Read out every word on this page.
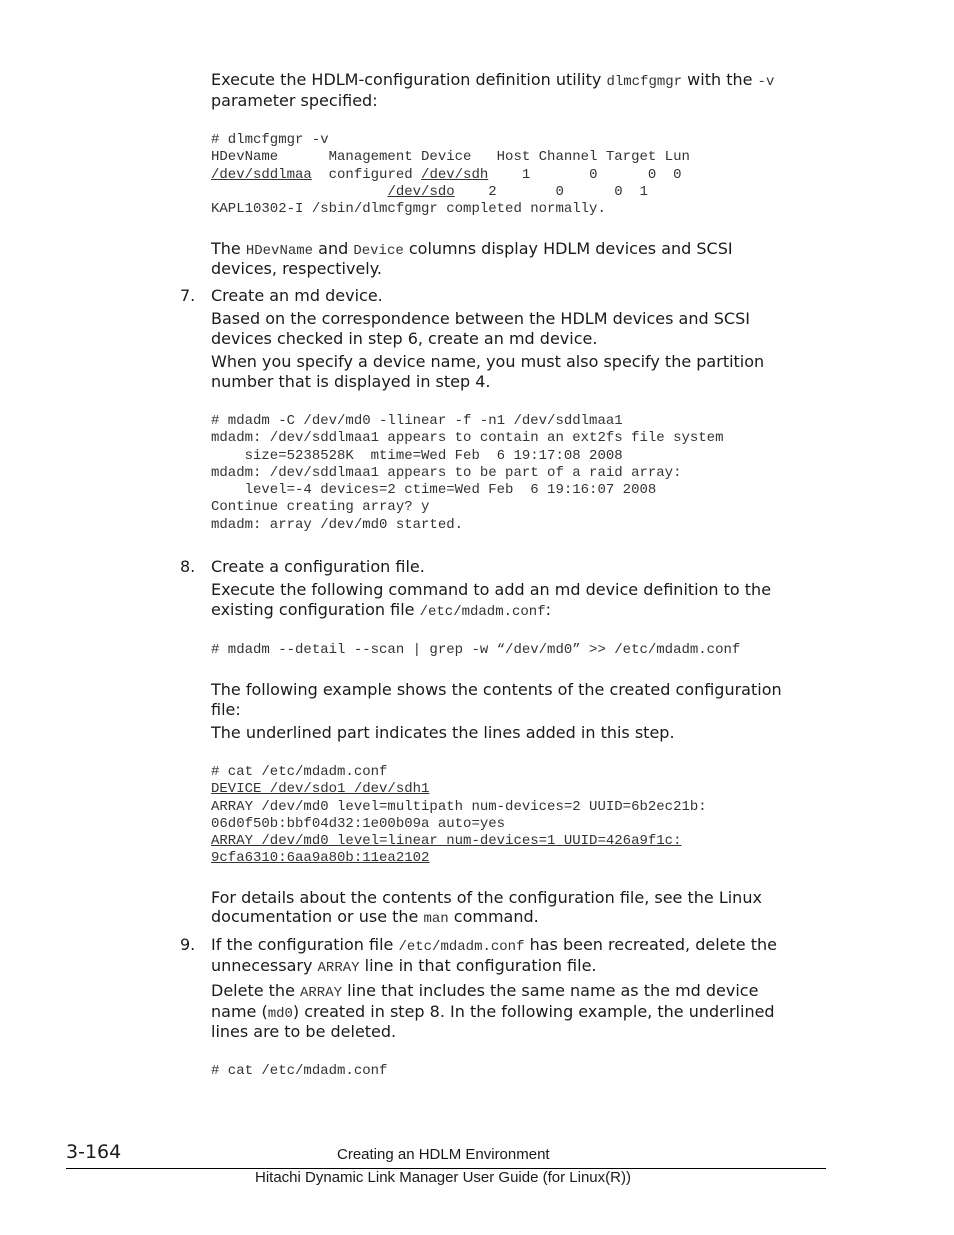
Execute the HDLM-configuration definition utility dlmcfgmgr with the -v
parameter specified:
# dlmcfgmgr -v
HDevName      Management Device   Host Channel Target Lun
/dev/sddlmaa  configured /dev/sdh    1       0      0  0
/dev/sdo    2       0      0  1
KAPL10302-I /sbin/dlmcfgmgr completed normally.
The HDevName and Device columns display HDLM devices and SCSI
devices, respectively.
7. Create an md device.
Based on the correspondence between the HDLM devices and SCSI
devices checked in step 6, create an md device.
When you specify a device name, you must also specify the partition
number that is displayed in step 4.
# mdadm -C /dev/md0 -llinear -f -n1 /dev/sddlmaa1
mdadm: /dev/sddlmaa1 appears to contain an ext2fs file system
size=5238528K  mtime=Wed Feb  6 19:17:08 2008
mdadm: /dev/sddlmaa1 appears to be part of a raid array:
level=-4 devices=2 ctime=Wed Feb  6 19:16:07 2008
Continue creating array? y
mdadm: array /dev/md0 started.
8. Create a configuration file.
Execute the following command to add an md device definition to the
existing configuration file /etc/mdadm.conf:
# mdadm --detail --scan | grep -w “/dev/md0” >> /etc/mdadm.conf
The following example shows the contents of the created configuration
file:
The underlined part indicates the lines added in this step.
# cat /etc/mdadm.conf
DEVICE /dev/sdo1 /dev/sdh1
ARRAY /dev/md0 level=multipath num-devices=2 UUID=6b2ec21b:
06d0f50b:bbf04d32:1e00b09a auto=yes
ARRAY /dev/md0 level=linear num-devices=1 UUID=426a9f1c:
9cfa6310:6aa9a80b:11ea2102
For details about the contents of the configuration file, see the Linux
documentation or use the man command.
9. If the configuration file /etc/mdadm.conf has been recreated, delete the
unnecessary ARRAY line in that configuration file.
Delete the ARRAY line that includes the same name as the md device
name (md0) created in step 8. In the following example, the underlined
lines are to be deleted.
# cat /etc/mdadm.conf
3-164	Creating an HDLM Environment
Hitachi Dynamic Link Manager User Guide (for Linux(R))
